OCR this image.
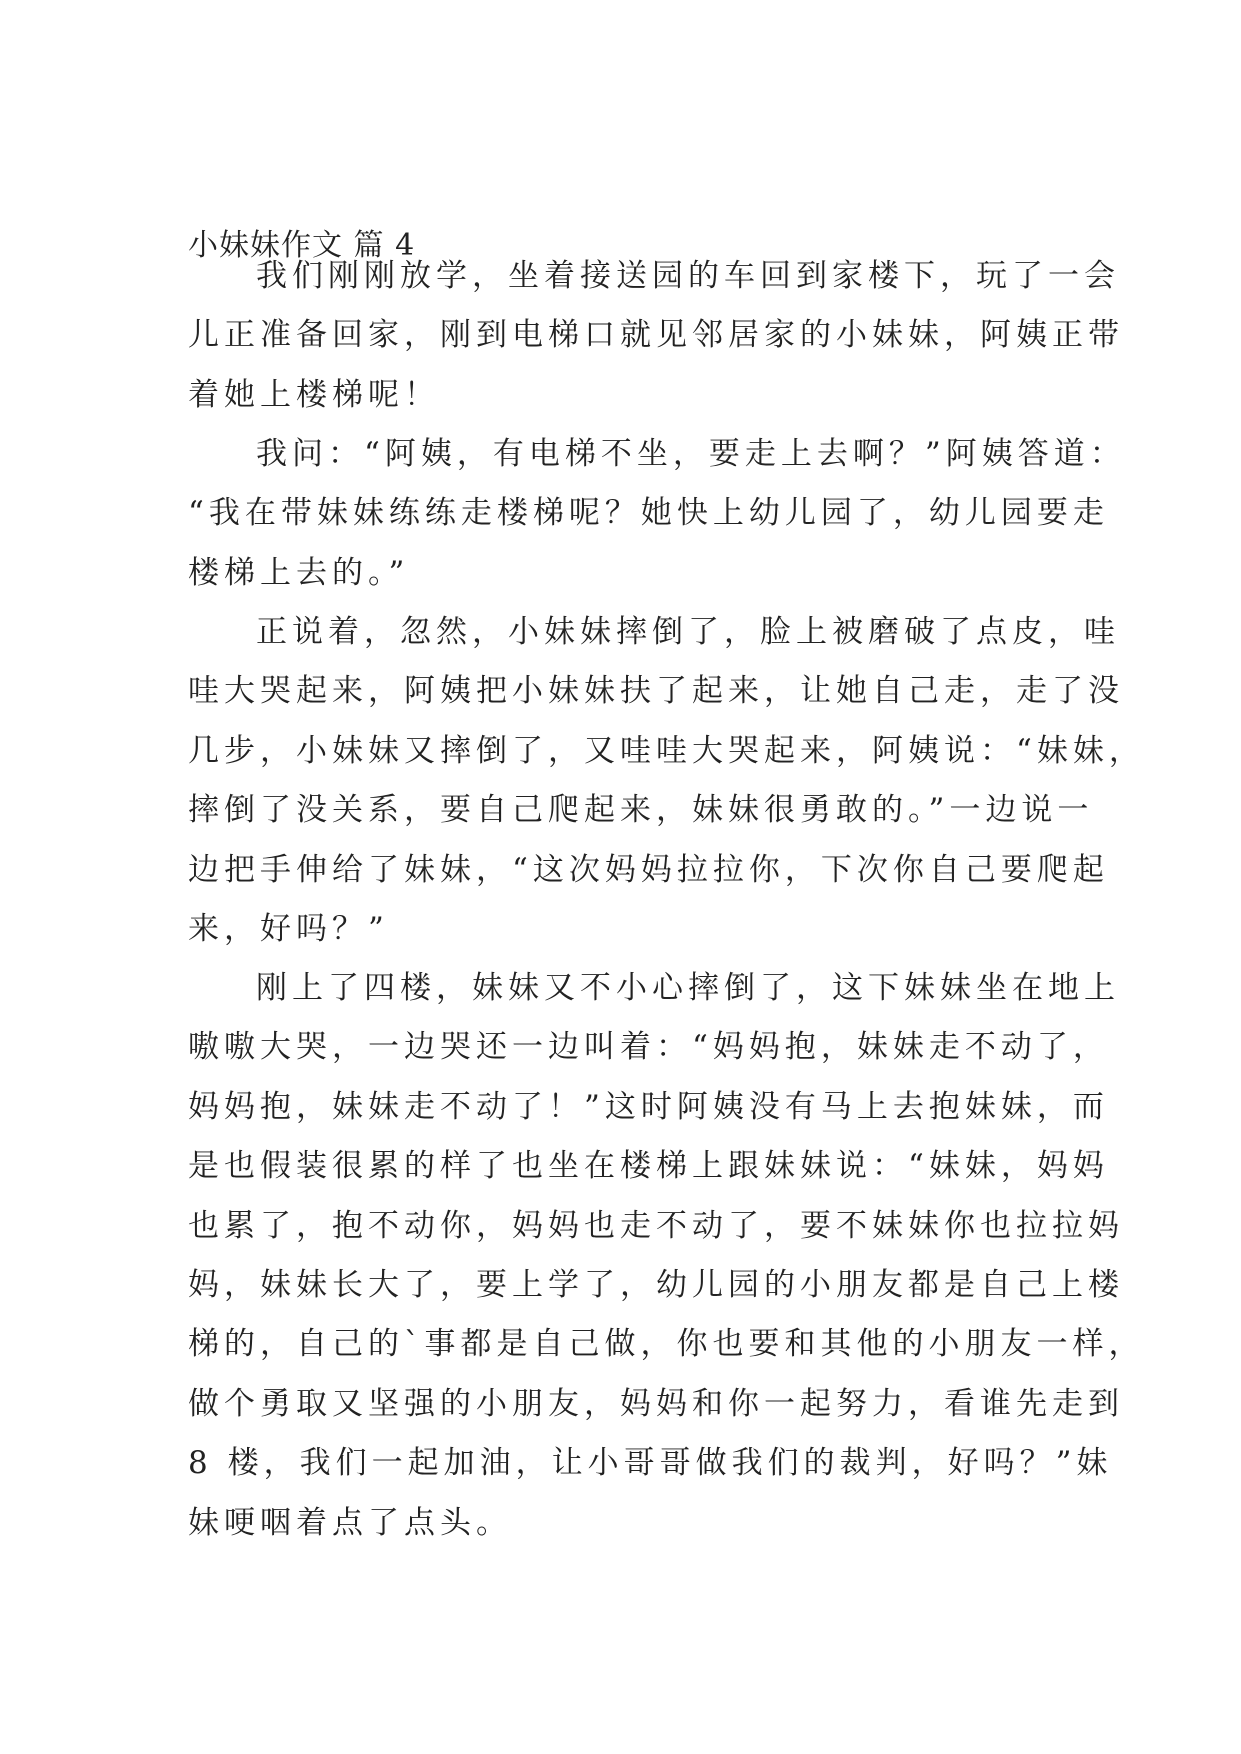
小妹妹作文 篇 4
我们刚刚放学，坐着接送园的车回到家楼下，玩了一会
儿正准备回家，刚到电梯口就见邻居家的小妹妹，阿姨正带
着她上楼梯呢！
我问：“阿姨，有电梯不坐，要走上去啊？”阿姨答道：
“我在带妹妹练练走楼梯呢？她快上幼儿园了，幼儿园要走
楼梯上去的。”
正说着，忽然，小妹妹摔倒了，脸上被磨破了点皮，哇
哇大哭起来，阿姨把小妹妹扶了起来，让她自己走，走了没
几步，小妹妹又摔倒了，又哇哇大哭起来，阿姨说：“妹妹，
摔倒了没关系，要自己爬起来，妹妹很勇敢的。”一边说一
边把手伸给了妹妹，“这次妈妈拉拉你，下次你自己要爬起
来，好吗？”
刚上了四楼，妹妹又不小心摔倒了，这下妹妹坐在地上
嗷嗷大哭，一边哭还一边叫着：“妈妈抱，妹妹走不动了，
妈妈抱，妹妹走不动了！”这时阿姨没有马上去抱妹妹，而
是也假装很累的样了也坐在楼梯上跟妹妹说：“妹妹，妈妈
也累了，抱不动你，妈妈也走不动了，要不妹妹你也拉拉妈
妈，妹妹长大了，要上学了，幼儿园的小朋友都是自己上楼
梯的，自己的`事都是自己做，你也要和其他的小朋友一样，
做个勇取又坚强的小朋友，妈妈和你一起努力，看谁先走到
8 楼，我们一起加油，让小哥哥做我们的裁判，好吗？”妹
妹哽咽着点了点头。
